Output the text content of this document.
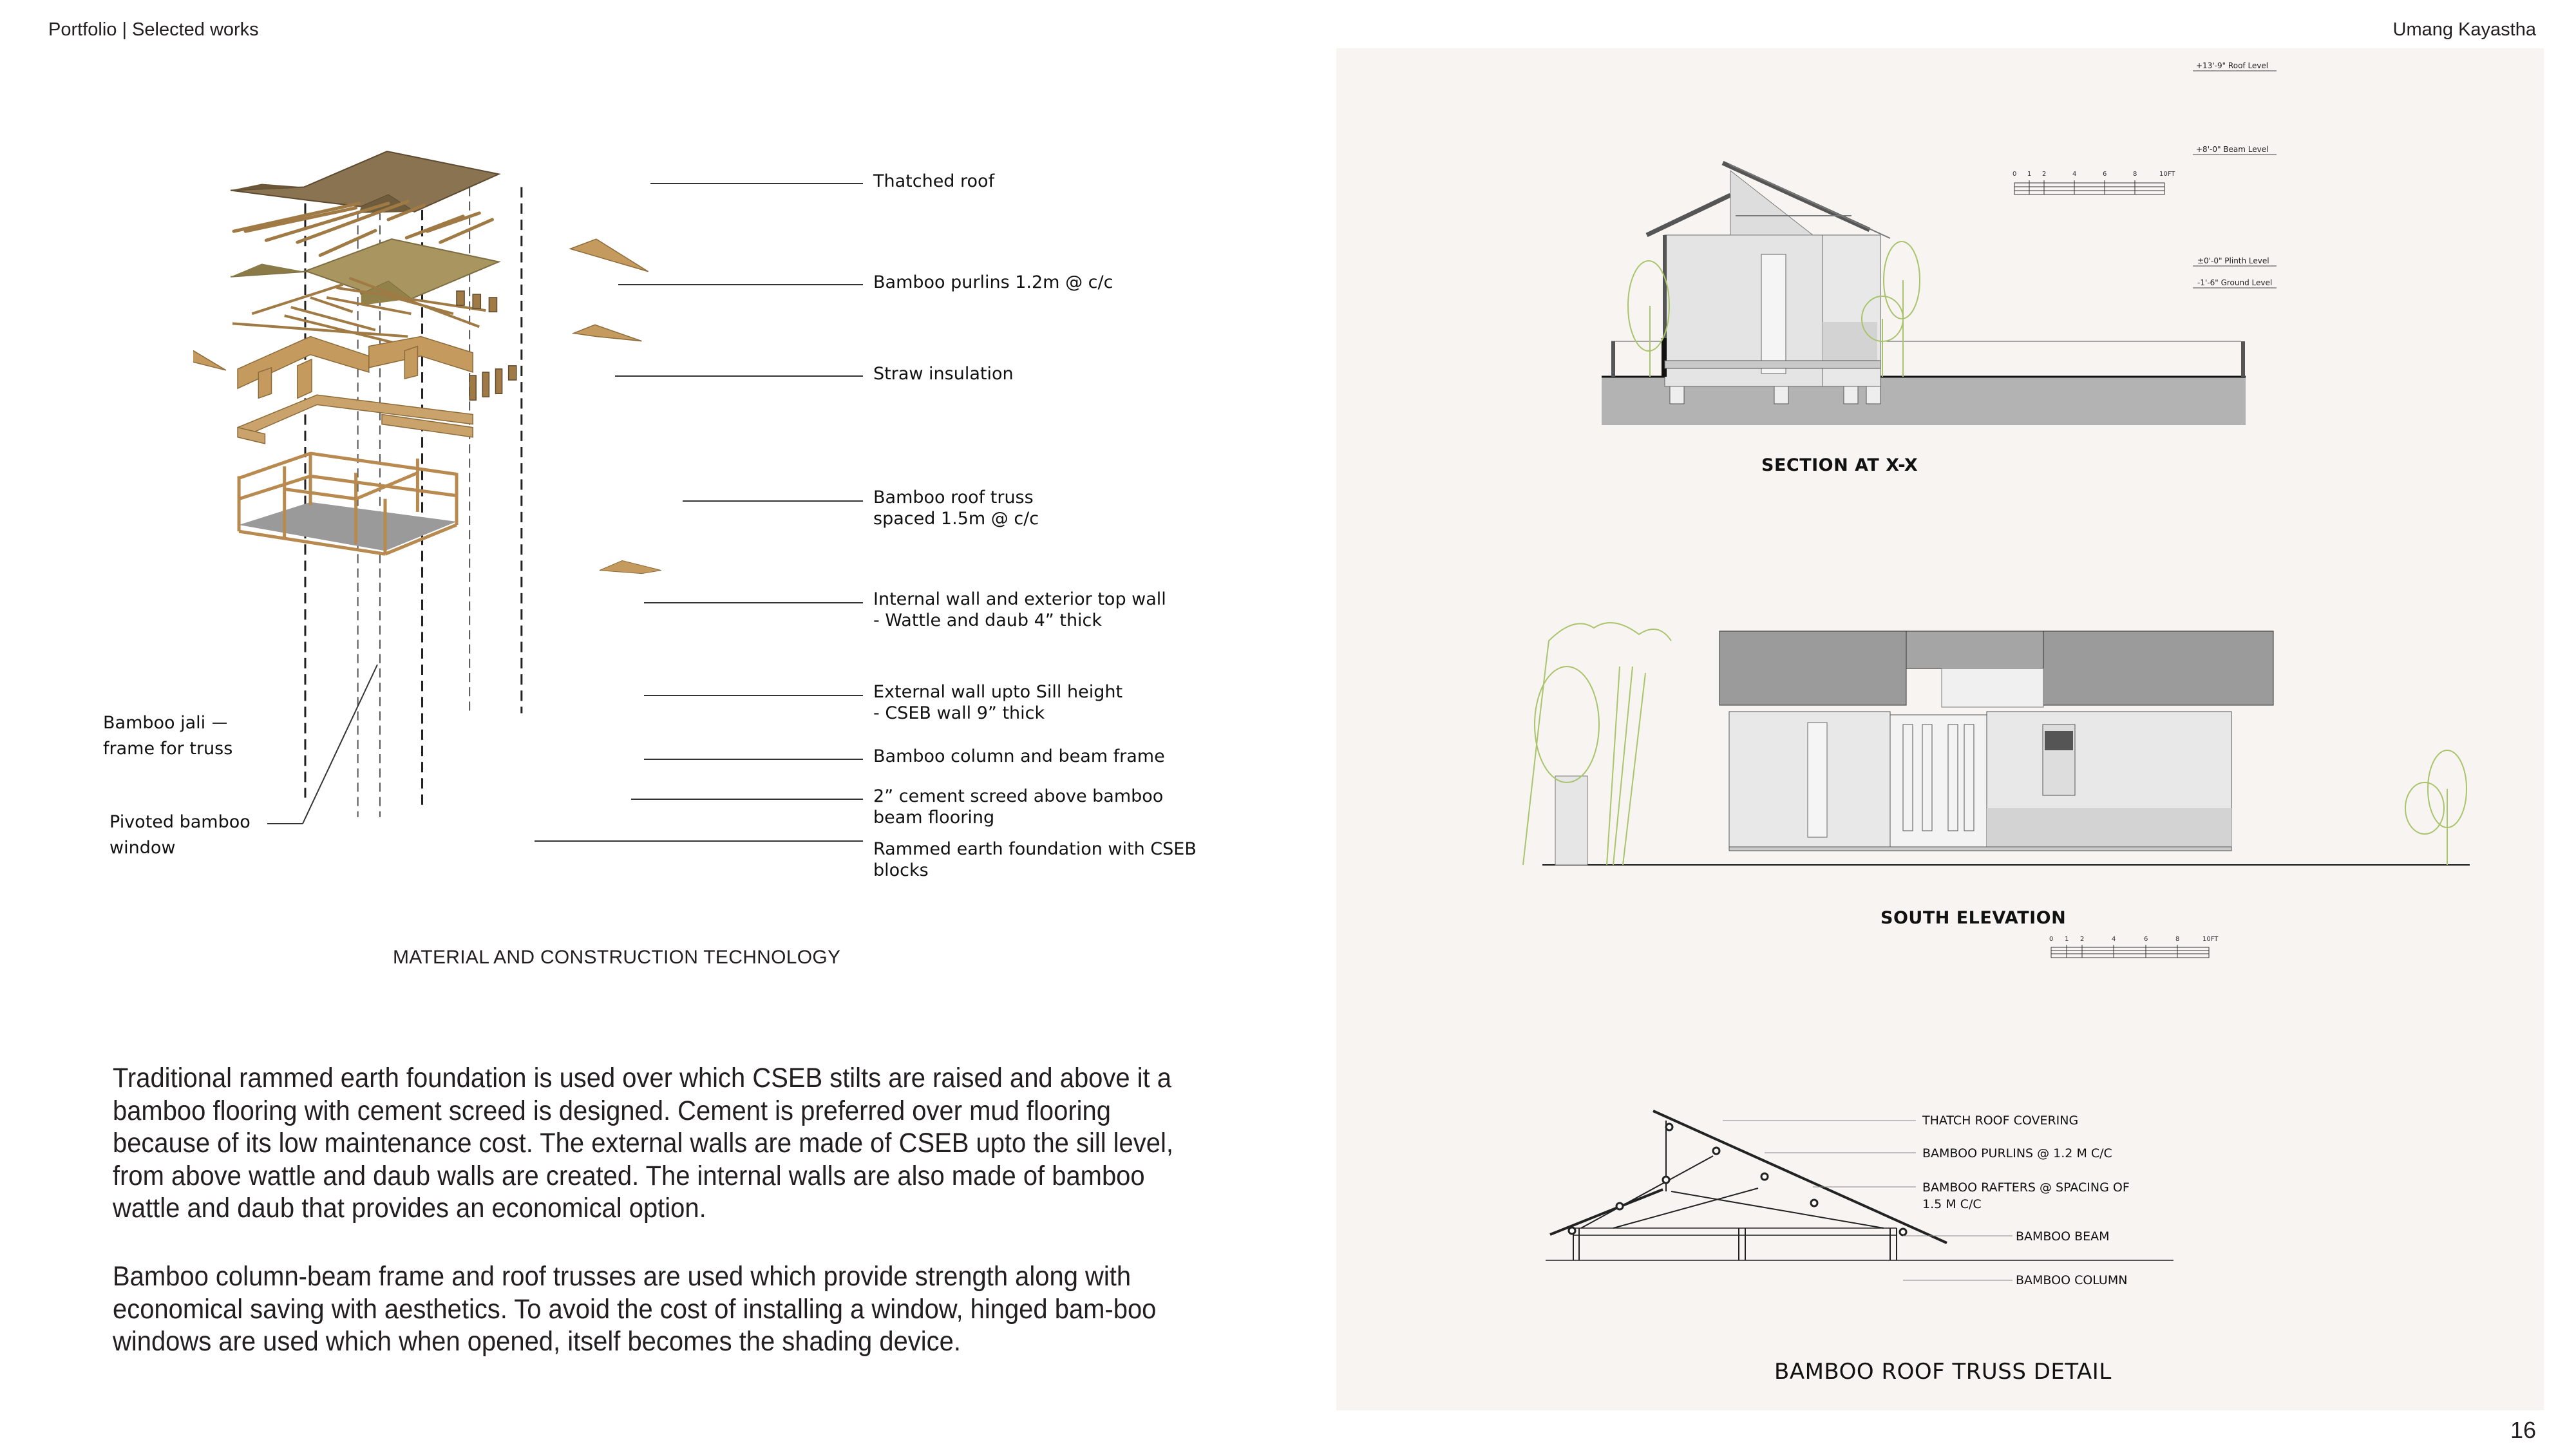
Portfolio | Selected works	Umang Kayastha
Thatched roof
Bamboo purlins 1.2m @ c/c
Straw insulation
Bamboo roof truss
spaced 1.5m @ c/c
Internal wall and exterior top wall
- Wattle and daub 4” thick
External wall upto Sill height
- CSEB wall 9” thick
Bamboo column and beam frame
2” cement screed above bamboo
beam flooring
Rammed earth foundation with CSEB
blocks
Bamboo jali
frame for truss
Pivoted bamboo
window
MATERIAL AND CONSTRUCTION TECHNOLOGY

Traditional rammed earth foundation is used over which CSEB stilts are raised and above it a bamboo flooring with cement screed is designed. Cement is preferred over mud flooring because of its low maintenance cost. The external walls are made of CSEB upto the sill level, from above wattle and daub walls are created. The internal walls are also made of bamboo wattle and daub that provides an economical option.

Bamboo column-beam frame and roof trusses are used which provide strength along with economical saving with aesthetics. To avoid the cost of installing a window, hinged bam-boo windows are used which when opened, itself becomes the shading device.

SECTION AT X-X
+13'-9" Roof Level
+8'-0" Beam Level
±0'-0" Plinth Level
-1'-6" Ground Level
0 1 2	4	6	8	10FT
SOUTH ELEVATION
0 1 2	4	6	8	10FT
THATCH ROOF COVERING
BAMBOO PURLINS @ 1.2 M C/C
BAMBOO RAFTERS @ SPACING OF
1.5 M C/C
BAMBOO BEAM
BAMBOO COLUMN
BAMBOO ROOF TRUSS DETAIL
16
